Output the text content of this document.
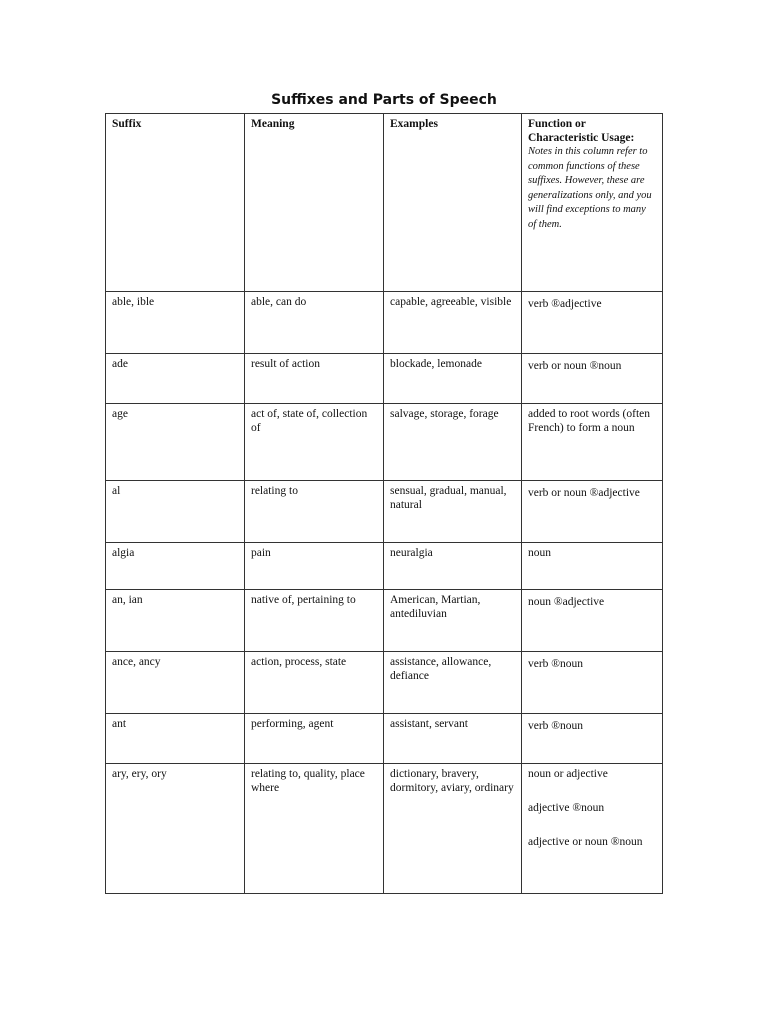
Suffixes and Parts of Speech
Suffix	Meaning	Examples	Function or Characteristic Usage:
Notes in this column refer to common functions of these suffixes. However, these are generalizations only, and you will find exceptions to many of them.

able, ible	able, can do	capable, agreeable, visible	verb ®adjective

ade	result of action	blockade, lemonade	verb or noun ®noun

age	act of, state of, collection of	salvage, storage, forage	added to root words (often French) to form a noun

al	relating to	sensual, gradual, manual, natural	verb or noun ®adjective

algia	pain	neuralgia	noun

an, ian	native of, pertaining to	American, Martian, antediluvian	noun ®adjective

ance, ancy	action, process, state	assistance, allowance, defiance	verb ®noun

ant	performing, agent	assistant, servant	verb ®noun

ary, ery, ory	relating to, quality, place where	dictionary, bravery, dormitory, aviary, ordinary	noun or adjective
adjective ®noun
adjective or noun ®noun
